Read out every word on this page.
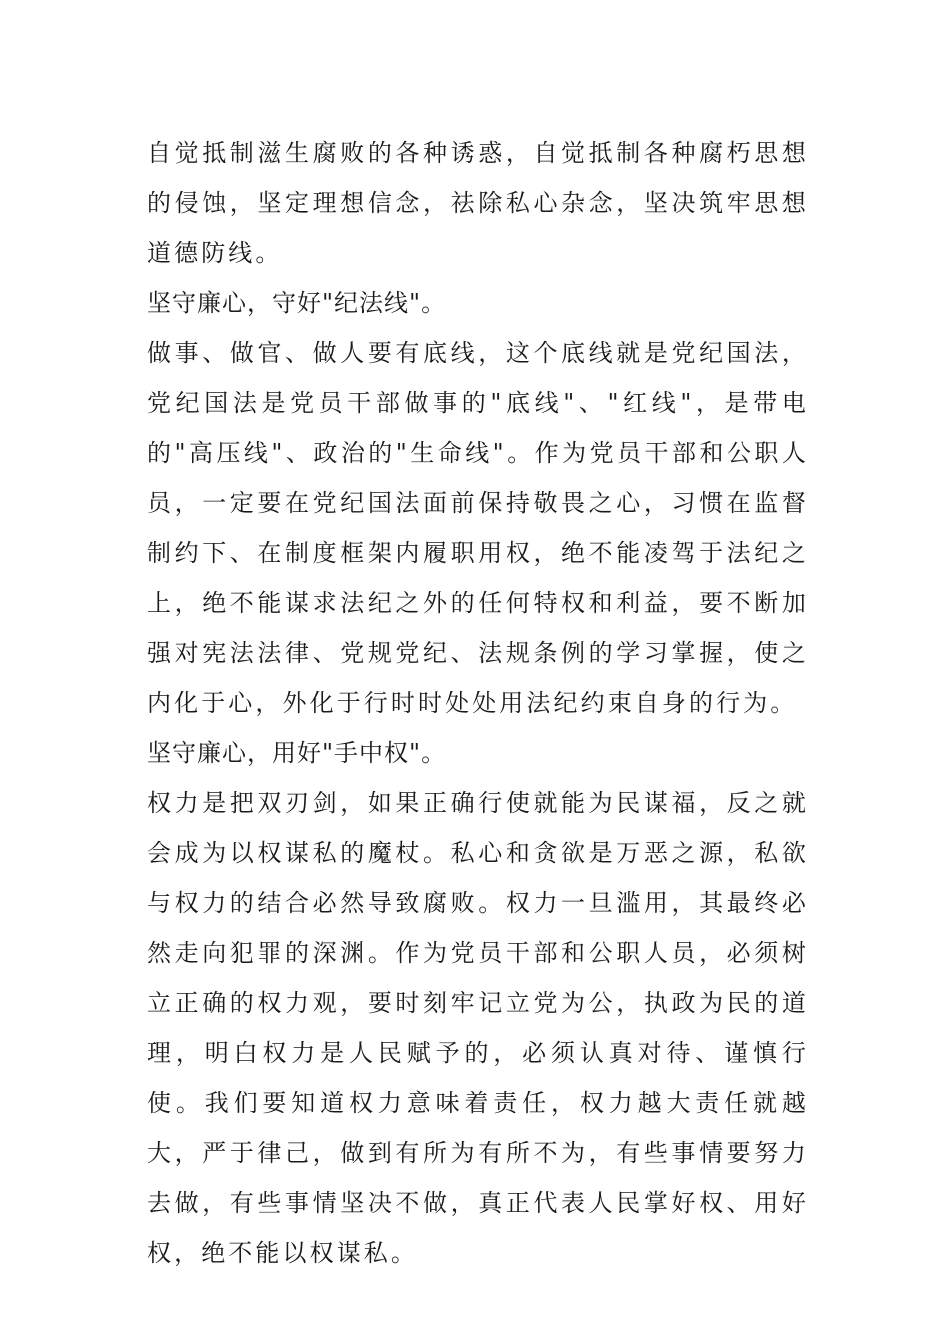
自觉抵制滋生腐败的各种诱惑，自觉抵制各种腐朽思想的侵蚀，坚定理想信念，祛除私心杂念，坚决筑牢思想道德防线。

坚守廉心，守好"纪法线"。

做事、做官、做人要有底线，这个底线就是党纪国法，党纪国法是党员干部做事的"底线"、"红线"，是带电的"高压线"、政治的"生命线"。作为党员干部和公职人员，一定要在党纪国法面前保持敬畏之心，习惯在监督制约下、在制度框架内履职用权，绝不能凌驾于法纪之上，绝不能谋求法纪之外的任何特权和利益，要不断加强对宪法法律、党规党纪、法规条例的学习掌握，使之内化于心，外化于行时时处处用法纪约束自身的行为。

坚守廉心，用好"手中权"。

权力是把双刃剑，如果正确行使就能为民谋福，反之就会成为以权谋私的魔杖。私心和贪欲是万恶之源，私欲与权力的结合必然导致腐败。权力一旦滥用，其最终必然走向犯罪的深渊。作为党员干部和公职人员，必须树立正确的权力观，要时刻牢记立党为公，执政为民的道理，明白权力是人民赋予的，必须认真对待、谨慎行使。我们要知道权力意味着责任，权力越大责任就越大，严于律己，做到有所为有所不为，有些事情要努力去做，有些事情坚决不做，真正代表人民掌好权、用好权，绝不能以权谋私。
